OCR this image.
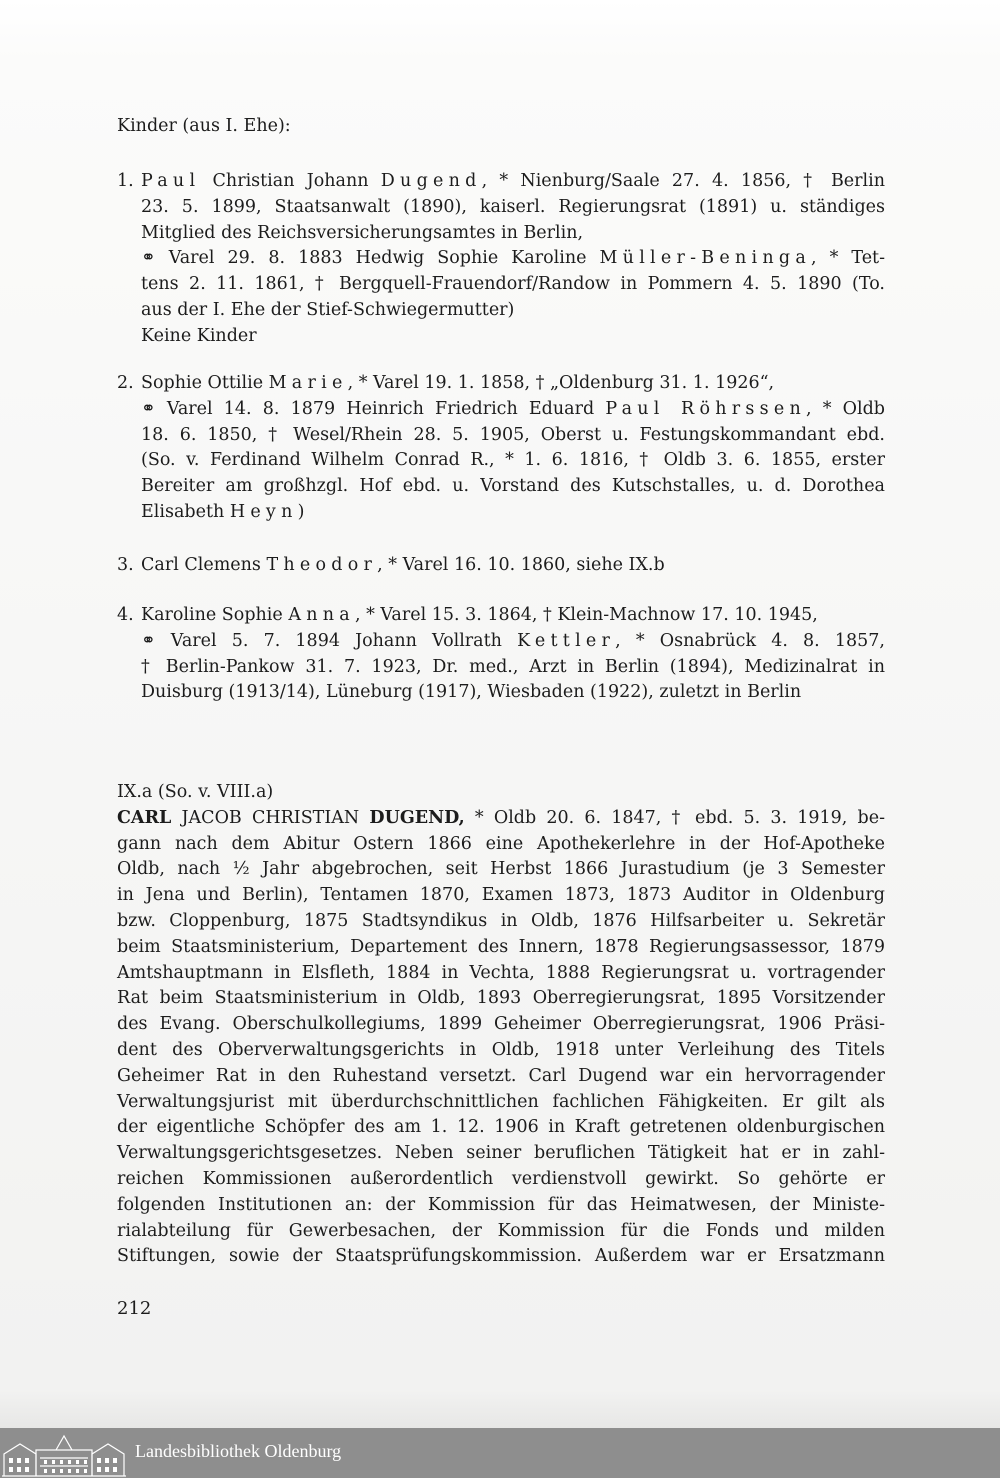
Kinder (aus I. Ehe):
1. Paul Christian Johann Dugend, * Nienburg/Saale 27. 4. 1856, † Berlin
23. 5. 1899, Staatsanwalt (1890), kaiserl. Regierungsrat (1891) u. ständiges
Mitglied des Reichsversicherungsamtes in Berlin,
⚭ Varel 29. 8. 1883 Hedwig Sophie Karoline Müller-Beninga, * Tet-
tens 2. 11. 1861, † Bergquell-Frauendorf/Randow in Pommern 4. 5. 1890 (To.
aus der I. Ehe der Stief-Schwiegermutter)
Keine Kinder
2. Sophie Ottilie Marie, * Varel 19. 1. 1858, † „Oldenburg 31. 1. 1926“,
⚭ Varel 14. 8. 1879 Heinrich Friedrich Eduard Paul Röhrssen, * Oldb
18. 6. 1850, † Wesel/Rhein 28. 5. 1905, Oberst u. Festungskommandant ebd.
(So. v. Ferdinand Wilhelm Conrad R., * 1. 6. 1816, † Oldb 3. 6. 1855, erster
Bereiter am großhzgl. Hof ebd. u. Vorstand des Kutschstalles, u. d. Dorothea
Elisabeth Heyn)
3. Carl Clemens Theodor, * Varel 16. 10. 1860, siehe IX.b
4. Karoline Sophie Anna, * Varel 15. 3. 1864, † Klein-Machnow 17. 10. 1945,
⚭ Varel 5. 7. 1894 Johann Vollrath Kettler, * Osnabrück 4. 8. 1857,
† Berlin-Pankow 31. 7. 1923, Dr. med., Arzt in Berlin (1894), Medizinalrat in
Duisburg (1913/14), Lüneburg (1917), Wiesbaden (1922), zuletzt in Berlin
IX.a (So. v. VIII.a)
CARL JACOB CHRISTIAN DUGEND, * Oldb 20. 6. 1847, † ebd. 5. 3. 1919, be-
gann nach dem Abitur Ostern 1866 eine Apothekerlehre in der Hof-Apotheke
Oldb, nach ½ Jahr abgebrochen, seit Herbst 1866 Jurastudium (je 3 Semester
in Jena und Berlin), Tentamen 1870, Examen 1873, 1873 Auditor in Oldenburg
bzw. Cloppenburg, 1875 Stadtsyndikus in Oldb, 1876 Hilfsarbeiter u. Sekretär
beim Staatsministerium, Departement des Innern, 1878 Regierungsassessor, 1879
Amtshauptmann in Elsfleth, 1884 in Vechta, 1888 Regierungsrat u. vortragender
Rat beim Staatsministerium in Oldb, 1893 Oberregierungsrat, 1895 Vorsitzender
des Evang. Oberschulkollegiums, 1899 Geheimer Oberregierungsrat, 1906 Präsi-
dent des Oberverwaltungsgerichts in Oldb, 1918 unter Verleihung des Titels
Geheimer Rat in den Ruhestand versetzt. Carl Dugend war ein hervorragender
Verwaltungsjurist mit überdurchschnittlichen fachlichen Fähigkeiten. Er gilt als
der eigentliche Schöpfer des am 1. 12. 1906 in Kraft getretenen oldenburgischen
Verwaltungsgerichtsgesetzes. Neben seiner beruflichen Tätigkeit hat er in zahl-
reichen Kommissionen außerordentlich verdienstvoll gewirkt. So gehörte er
folgenden Institutionen an: der Kommission für das Heimatwesen, der Ministe-
rialabteilung für Gewerbesachen, der Kommission für die Fonds und milden
Stiftungen, sowie der Staatsprüfungskommission. Außerdem war er Ersatzmann
212
Landesbibliothek Oldenburg
